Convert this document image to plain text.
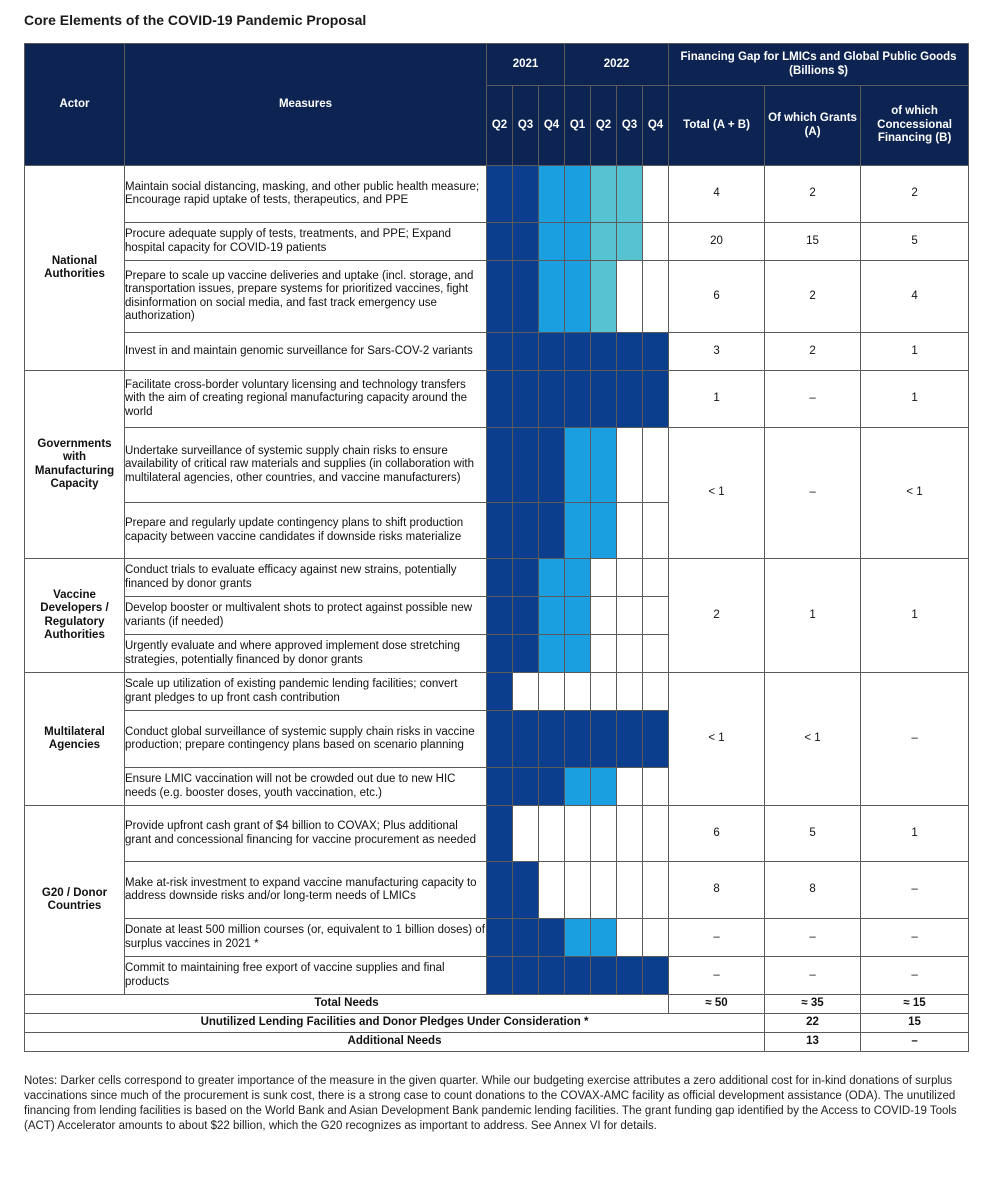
Core Elements of the COVID-19 Pandemic Proposal
Actor	Measures	2021			2022				Financing Gap for LMICs and Global Public Goods (Billions $)		
		Q2	Q3	Q4	Q1	Q2	Q3	Q4	Total (A + B)	Of which Grants (A)	of which Concessional Financing (B)
National Authorities	Maintain social distancing, masking, and other public health measure; Encourage rapid uptake of tests, therapeutics, and PPE								4	2	2
	Procure adequate supply of tests, treatments, and PPE; Expand hospital capacity for COVID-19 patients								20	15	5
	Prepare to scale up vaccine deliveries and uptake (incl. storage, and transportation issues, prepare systems for prioritized vaccines, fight disinformation on social media, and fast track emergency use authorization)								6	2	4
	Invest in and maintain genomic surveillance for Sars-COV-2 variants								3	2	1
Governments with Manufacturing Capacity	Facilitate cross-border voluntary licensing and technology transfers with the aim of creating regional manufacturing capacity around the world								1	–	1
	Undertake surveillance of systemic supply chain risks to ensure availability of critical raw materials and supplies (in collaboration with multilateral agencies, other countries, and vaccine manufacturers)								< 1	–	< 1
	Prepare and regularly update contingency plans to shift production capacity between vaccine candidates if downside risks materialize										
Vaccine Developers / Regulatory Authorities	Conduct trials to evaluate efficacy against new strains, potentially financed by donor grants								2	1	1
	Develop booster or multivalent shots to protect against possible new variants (if needed)										
	Urgently evaluate and where approved implement dose stretching strategies, potentially financed by donor grants										
Multilateral Agencies	Scale up utilization of existing pandemic lending facilities; convert grant pledges to up front cash contribution								< 1	< 1	–
	Conduct global surveillance of systemic supply chain risks in vaccine production; prepare contingency plans based on scenario planning										
	Ensure LMIC vaccination will not be crowded out due to new HIC needs (e.g. booster doses, youth vaccination, etc.)										
G20 / Donor Countries	Provide upfront cash grant of $4 billion to COVAX; Plus additional grant and concessional financing for vaccine procurement as needed								6	5	1
	Make at-risk investment to expand vaccine manufacturing capacity to address downside risks and/or long-term needs of LMICs								8	8	–
	Donate at least 500 million courses (or, equivalent to 1 billion doses) of surplus vaccines in 2021 *								–	–	–
	Commit to maintaining free export of vaccine supplies and final products								–	–	–
Total Needs									≈ 50	≈ 35	≈ 15
Unutilized Lending Facilities and Donor Pledges Under Consideration *										22	15
Additional Needs										13	–
Notes: Darker cells correspond to greater importance of the measure in the given quarter. While our budgeting exercise attributes a zero additional cost for in-kind donations of surplus vaccinations since much of the procurement is sunk cost, there is a strong case to count donations to the COVAX-AMC facility as official development assistance (ODA). The unutilized financing from lending facilities is based on the World Bank and Asian Development Bank pandemic lending facilities. The grant funding gap identified by the Access to COVID-19 Tools (ACT) Accelerator amounts to about $22 billion, which the G20 recognizes as important to address. See Annex VI for details.
